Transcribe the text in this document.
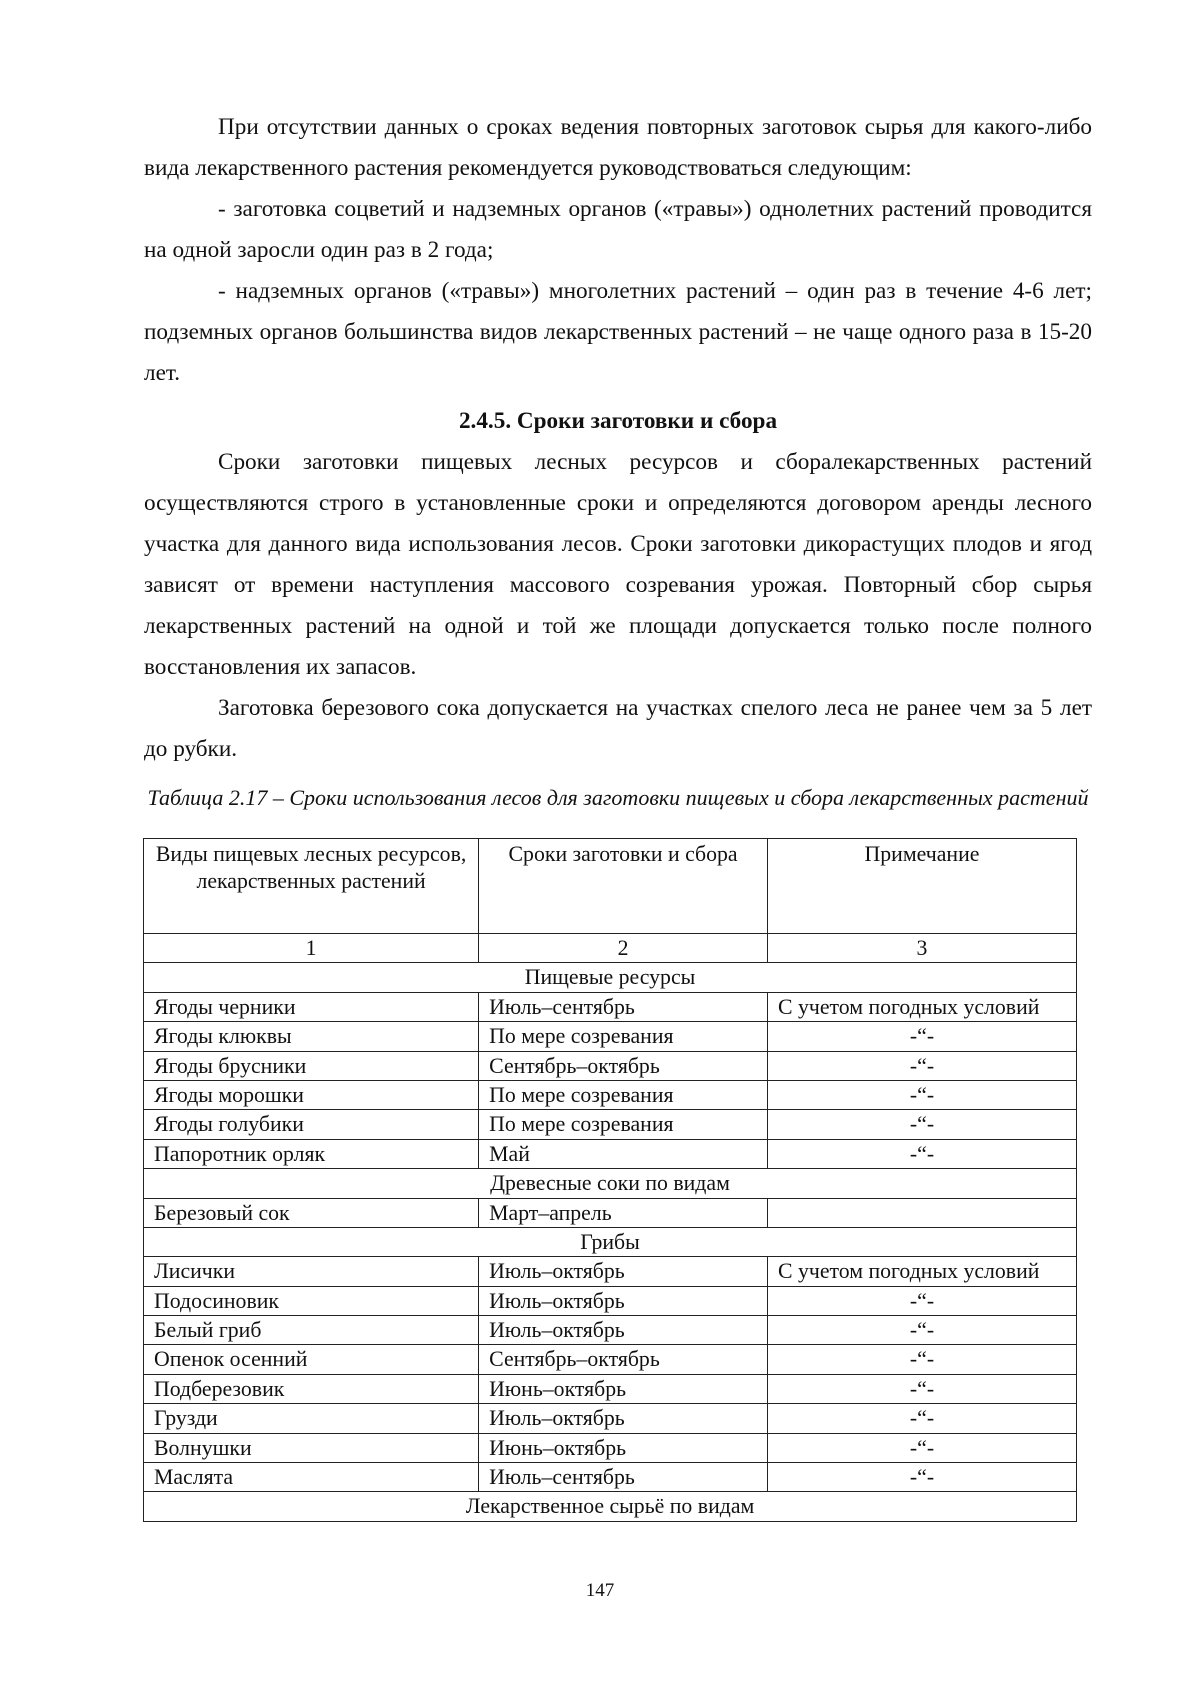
При отсутствии данных о сроках ведения повторных заготовок сырья для какого-либо вида лекарственного растения рекомендуется руководствоваться следующим:

- заготовка соцветий и надземных органов («травы») однолетних растений проводится на одной заросли один раз в 2 года;

- надземных органов («травы») многолетних растений – один раз в течение 4-6 лет; подземных органов большинства видов лекарственных растений – не чаще одного раза в 15-20 лет.

2.4.5. Сроки заготовки и сбора

Сроки заготовки пищевых лесных ресурсов и сборалекарственных растений осуществляются строго в установленные сроки и определяются договором аренды лесного участка для данного вида использования лесов. Сроки заготовки дикорастущих плодов и ягод зависят от времени наступления массового созревания урожая. Повторный сбор сырья лекарственных растений на одной и той же площади допускается только после полного восстановления их запасов.

Заготовка березового сока допускается на участках спелого леса не ранее чем за 5 лет до рубки.

Таблица 2.17 – Сроки использования лесов для заготовки пищевых и сбора лекарственных растений
Виды пищевых лесных ресурсов, лекарственных растений	Сроки заготовки и сбора	Примечание
1	2	3
Пищевые ресурсы		
Ягоды черники	Июль–сентябрь	С учетом погодных условий
Ягоды клюквы	По мере созревания	-“-
Ягоды брусники	Сентябрь–октябрь	-“-
Ягоды морошки	По мере созревания	-“-
Ягоды голубики	По мере созревания	-“-
Папоротник орляк	Май	-“-
Древесные соки по видам		
Березовый сок	Март–апрель	
Грибы		
Лисички	Июль–октябрь	С учетом погодных условий
Подосиновик	Июль–октябрь	-“-
Белый гриб	Июль–октябрь	-“-
Опенок осенний	Сентябрь–октябрь	-“-
Подберезовик	Июнь–октябрь	-“-
Грузди	Июль–октябрь	-“-
Волнушки	Июнь–октябрь	-“-
Маслята	Июль–сентябрь	-“-
Лекарственное сырьё по видам		
147
